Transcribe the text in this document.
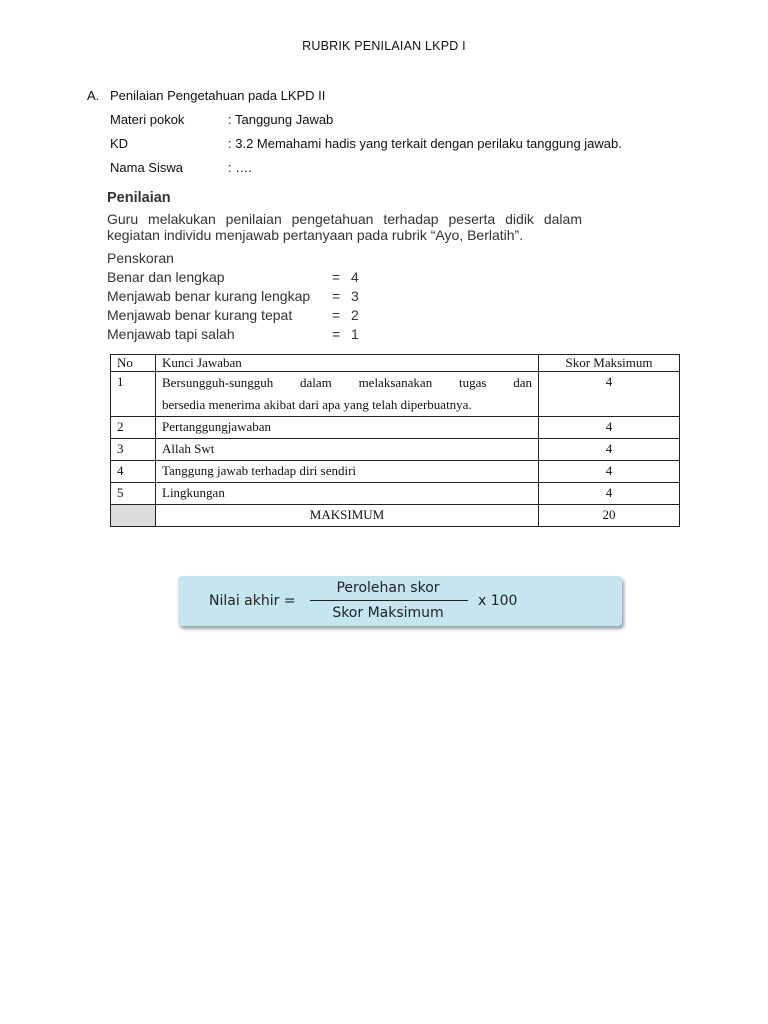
RUBRIK PENILAIAN LKPD I
A. Penilaian Pengetahuan pada LKPD II
Materi pokok	: Tanggung Jawab
KD	: 3.2 Memahami hadis yang terkait dengan perilaku tanggung jawab.
Nama Siswa	: ….
Penilaian
Guru melakukan penilaian pengetahuan terhadap peserta didik dalam
kegiatan individu menjawab pertanyaan pada rubrik “Ayo, Berlatih”.
Penskoran
Benar dan lengkap	= 4
Menjawab benar kurang lengkap = 3
Menjawab benar kurang tepat	= 2
Menjawab tapi salah	= 1
No	Kunci Jawaban	Skor Maksimum
1	Bersungguh-sungguh dalam melaksanakan tugas dan
bersedia menerima akibat dari apa yang telah diperbuatnya.	4
2	Pertanggungjawaban	4
3	Allah Swt	4
4	Tanggung jawab terhadap diri sendiri	4
5	Lingkungan	4
	MAKSIMUM	20
Nilai akhir =
Perolehan skor
Skor Maksimum
x 100
